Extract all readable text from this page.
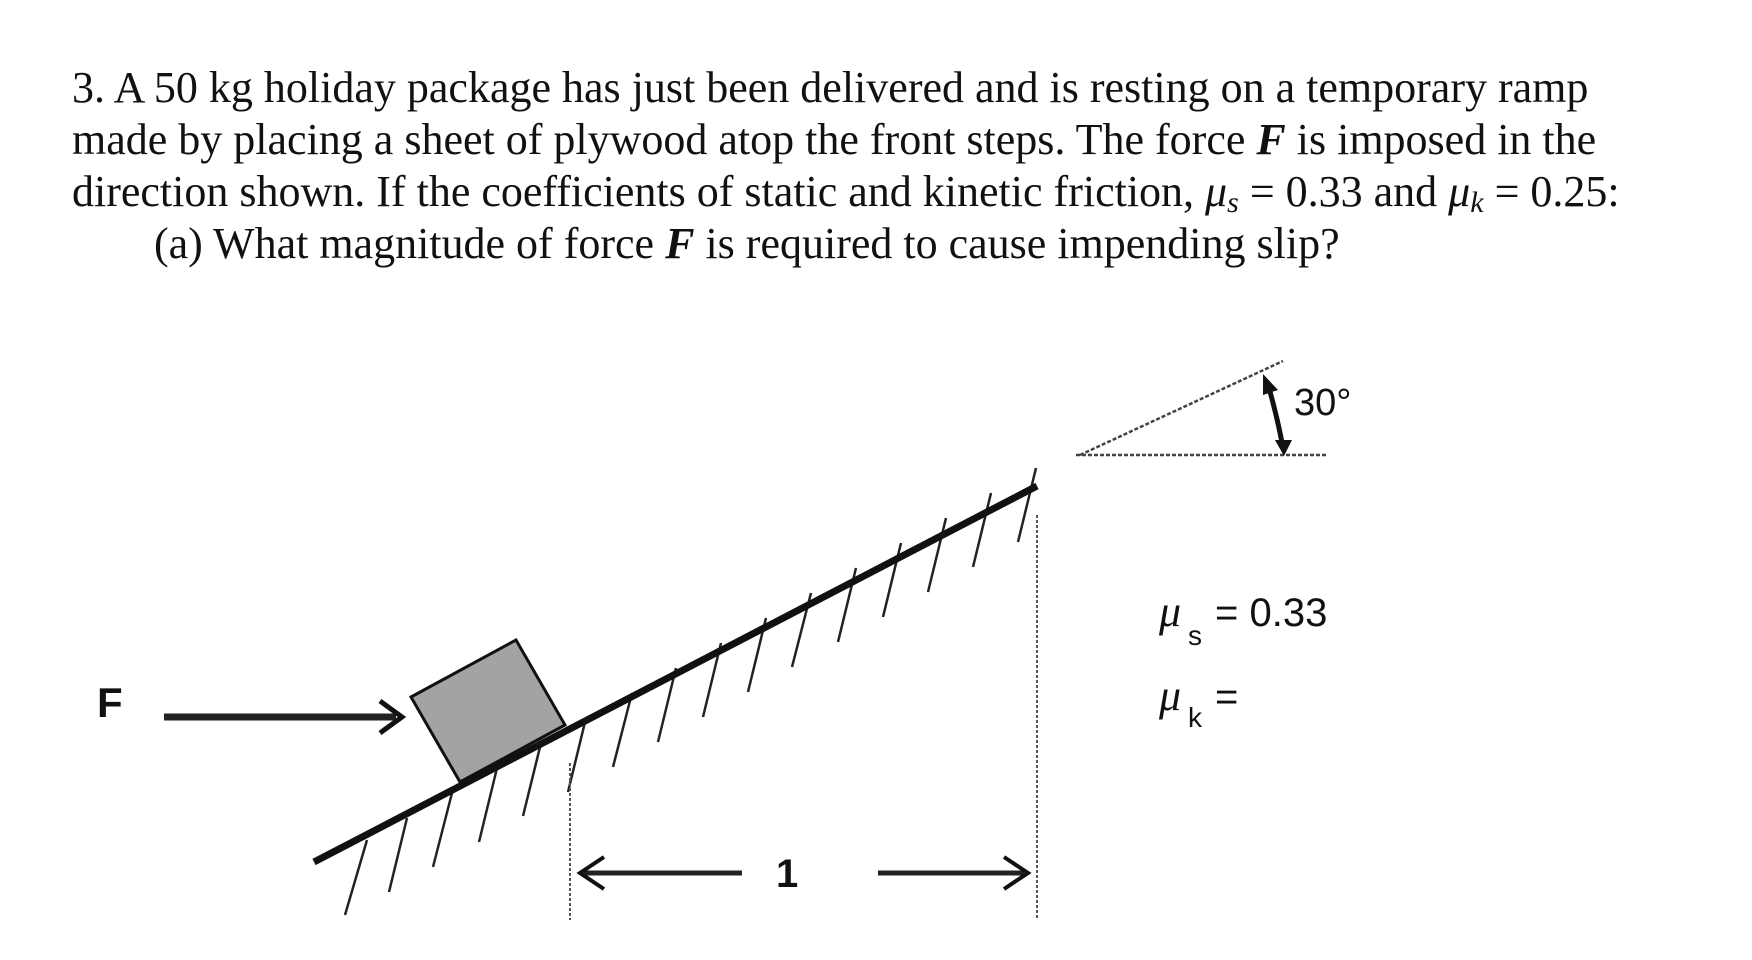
3. A 50 kg holiday package has just been delivered and is resting on a temporary ramp
made by placing a sheet of plywood atop the front steps. The force F is imposed in the
direction shown. If the coefficients of static and kinetic friction, $\mu_s = 0.33$ and $\mu_k = 0.25$:
(a) What magnitude of force F is required to cause impending slip?
30°
F
1
μ s
= 0.33
μ k =
